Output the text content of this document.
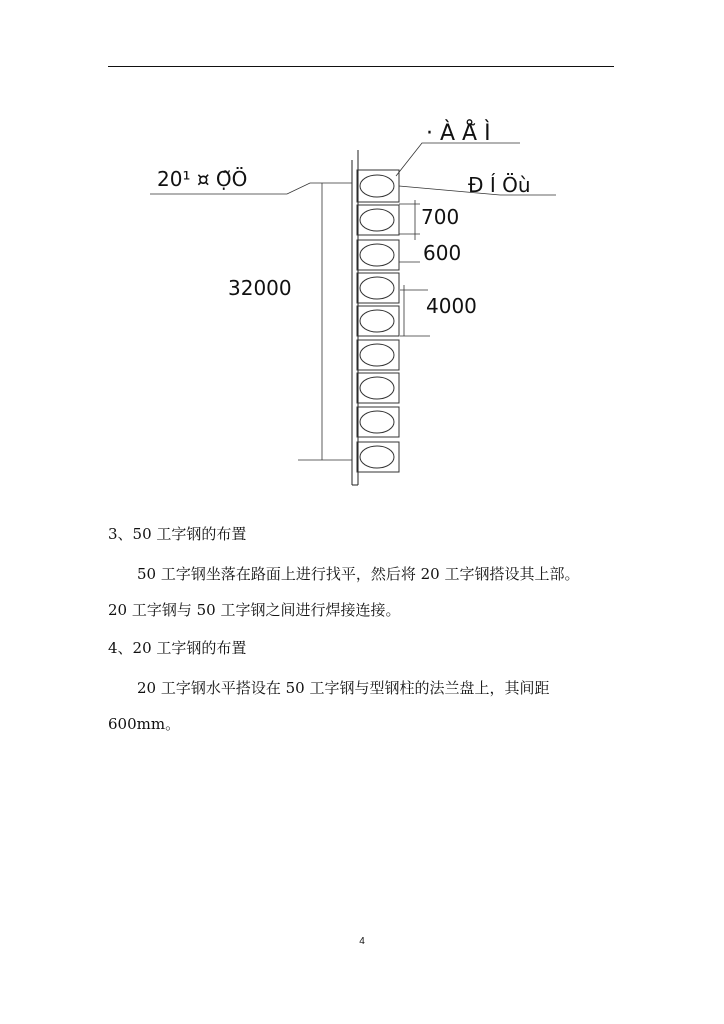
· À Å̃ Ì
20¹ ¤ Ọ̃Ö	Ð Í Öù
700
600
32000
4000
3、50 工字钢的布置
50 工字钢坐落在路面上进行找平，然后将 20 工字钢搭设其上部。
20 工字钢与 50 工字钢之间进行焊接连接。
4、20 工字钢的布置
20 工字钢水平搭设在 50 工字钢与型钢柱的法兰盘上，其间距
600mm。
4
